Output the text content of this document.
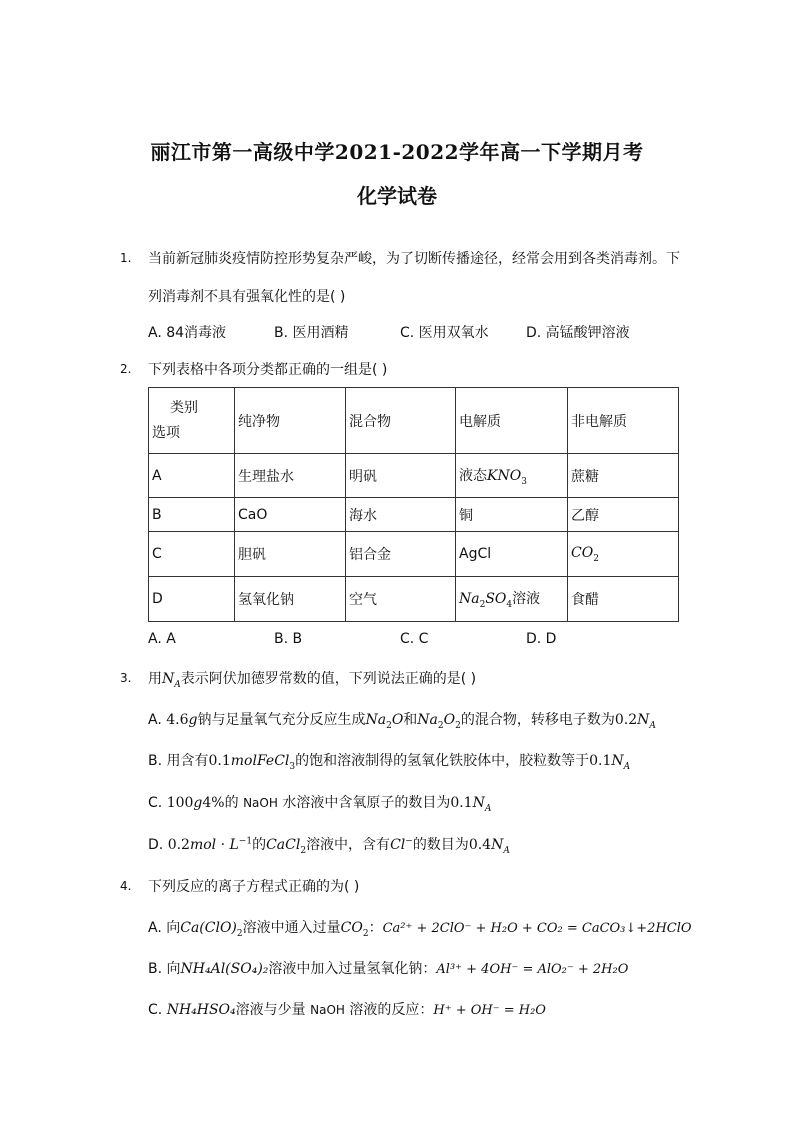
丽江市第一高级中学2021-2022学年高一下学期月考
化学试卷
1. 当前新冠肺炎疫情防控形势复杂严峻，为了切断传播途径，经常会用到各类消毒剂。下
列消毒剂不具有强氧化性的是( )
A. 84消毒液	B. 医用酒精	C. 医用双氧水	D. 高锰酸钾溶液
2. 下列表格中各项分类都正确的一组是( )
类别
选项	纯净物	混合物	电解质	非电解质
A	生理盐水	明矾	液态$KNO_3$	蔗糖
B	CaO	海水	铜	乙醇
C	胆矾	铝合金	AgCl	$CO_2$
D	氢氧化钠	空气	$Na_2SO_4$溶液	食醋
A. A	B. B	C. C	D. D
3. 用$N_A$表示阿伏加德罗常数的值，下列说法正确的是( )
A. 4.6g钠与足量氧气充分反应生成$Na_2O$和$Na_2O_2$的混合物，转移电子数为$0.2N_A$
B. 用含有0.1molFeCl$_3$的饱和溶液制得的氢氧化铁胶体中，胶粒数等于$0.1N_A$
C. 100g4%的 NaOH 水溶液中含氧原子的数目为$0.1N_A$
D. $0.2mol \cdot L^{-1}$的CaCl$_2$溶液中，含有Cl−的数目为$0.4N_A$
4. 下列反应的离子方程式正确的为( )
A. 向$Ca(ClO)_2$溶液中通入过量$CO_2$：Ca²⁺ + 2ClO⁻ + H₂O + CO₂ = CaCO₃↓+2HClO
B. 向NH₄Al(SO₄)₂溶液中加入过量氢氧化钠：Al³⁺ + 4OH⁻ = AlO₂⁻ + 2H₂O
C. NH₄HSO₄溶液与少量 NaOH 溶液的反应：H⁺ + OH⁻ = H₂O
